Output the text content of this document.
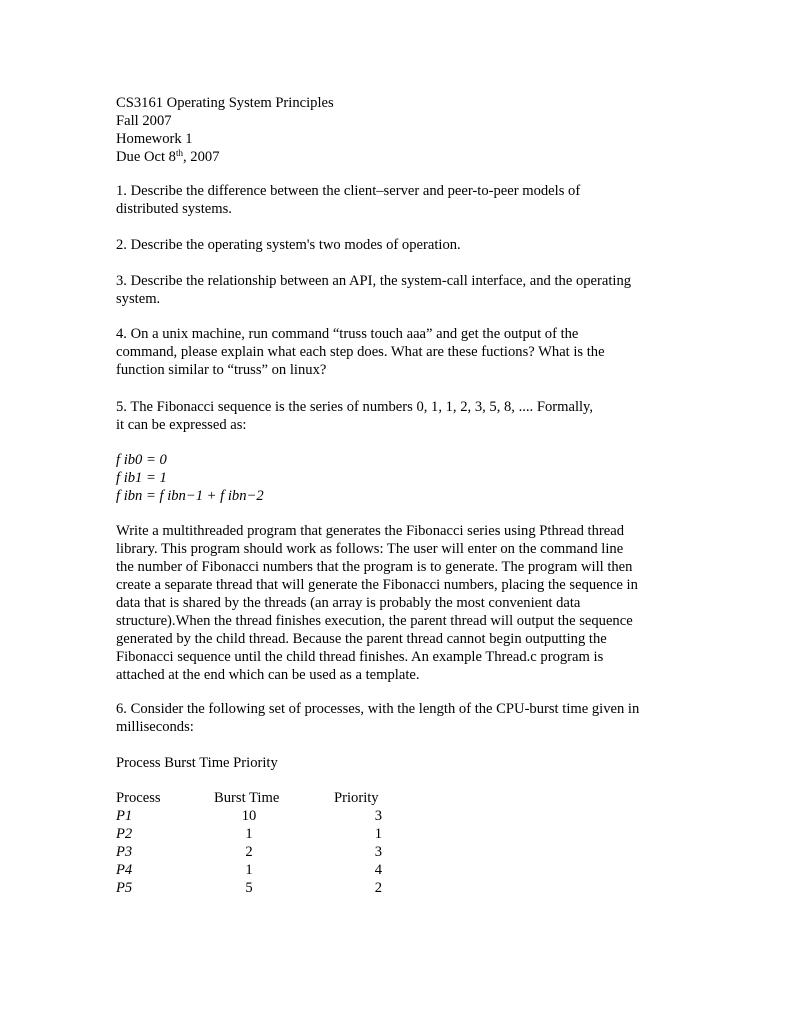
CS3161 Operating System Principles
Fall 2007
Homework 1
Due Oct 8th, 2007
1. Describe the difference between the client–server and peer-to-peer models of
distributed systems.
2. Describe the operating system's two modes of operation.
3. Describe the relationship between an API, the system-call interface, and the operating
system.
4. On a unix machine, run command “truss touch aaa” and get the output of the
command, please explain what each step does. What are these fuctions? What is the
function similar to “truss” on linux?
5. The Fibonacci sequence is the series of numbers 0, 1, 1, 2, 3, 5, 8, .... Formally,
it can be expressed as:
f ib0 = 0
f ib1 = 1
f ibn = f ibn−1 + f ibn−2
Write a multithreaded program that generates the Fibonacci series using Pthread thread
library. This program should work as follows: The user will enter on the command line
the number of Fibonacci numbers that the program is to generate. The program will then
create a separate thread that will generate the Fibonacci numbers, placing the sequence in
data that is shared by the threads (an array is probably the most convenient data
structure).When the thread finishes execution, the parent thread will output the sequence
generated by the child thread. Because the parent thread cannot begin outputting the
Fibonacci sequence until the child thread finishes. An example Thread.c program is
attached at the end which can be used as a template.
6. Consider the following set of processes, with the length of the CPU-burst time given in
milliseconds:
Process Burst Time Priority
Process	Burst Time	Priority
P1	10	3
P2	1	1
P3	2	3
P4	1	4
P5	5	2
